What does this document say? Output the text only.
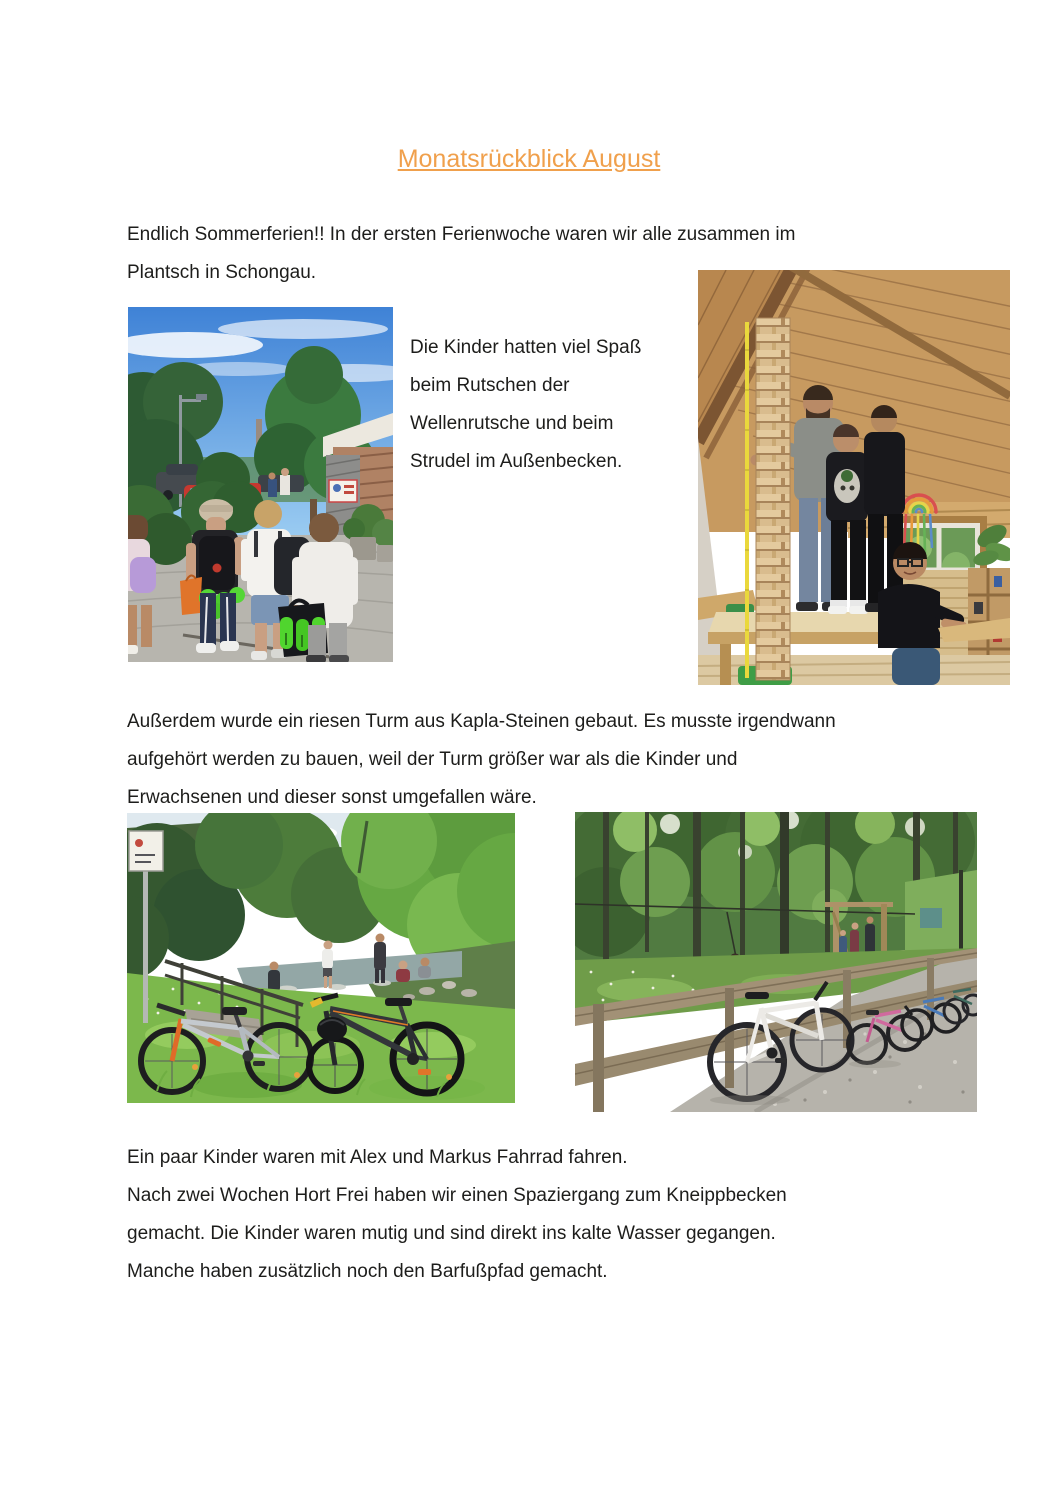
Monatsrückblick August
Endlich Sommerferien!! In der ersten Ferienwoche waren wir alle zusammen im
Plantsch in Schongau.
Die Kinder hatten viel Spaß
beim Rutschen der
Wellenrutsche und beim
Strudel im Außenbecken.
Außerdem wurde ein riesen Turm aus Kapla-Steinen gebaut. Es musste irgendwann
aufgehört werden zu bauen, weil der Turm größer war als die Kinder und
Erwachsenen und dieser sonst umgefallen wäre.
Ein paar Kinder waren mit Alex und Markus Fahrrad fahren.
Nach zwei Wochen Hort Frei haben wir einen Spaziergang zum Kneippbecken
gemacht. Die Kinder waren mutig und sind direkt ins kalte Wasser gegangen.
Manche haben zusätzlich noch den Barfußpfad gemacht.
